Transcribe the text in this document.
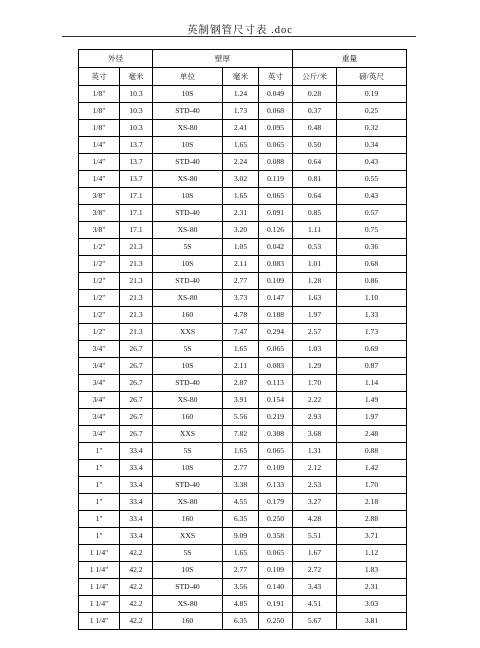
英制钢管尺寸表 .doc
外径		壁厚			重量	
英寸	毫米	单位	毫米	英寸	公斤/米	磅/英尺
1/8"	10.3	10S	1.24	0.049	0.28	0.19
1/8"	10.3	STD-40	1.73	0.068	0.37	0.25
1/8"	10.3	XS-80	2.41	0.095	0.48	0.32
1/4"	13.7	10S	1.65	0.065	0.50	0.34
1/4"	13.7	STD-40	2.24	0.088	0.64	0.43
1/4"	13.7	XS-80	3.02	0.119	0.81	0.55
3/8"	17.1	10S	1.65	0.065	0.64	0.43
3/8"	17.1	STD-40	2.31	0.091	0.85	0.57
3/8"	17.1	XS-80	3.20	0.126	1.11	0.75
1/2"	21.3	5S	1.05	0.042	0.53	0.36
1/2"	21.3	10S	2.11	0.083	1.01	0.68
1/2"	21.3	STD-40	2.77	0.109	1.28	0.86
1/2"	21.3	XS-80	3.73	0.147	1.63	1.10
1/2"	21.3	160	4.78	0.188	1.97	1.33
1/2"	21.3	XXS	7.47	0.294	2.57	1.73
3/4"	26.7	5S	1.65	0.065	1.03	0.69
3/4"	26.7	10S	2.11	0.083	1.29	0.87
3/4"	26.7	STD-40	2.87	0.113	1.70	1.14
3/4"	26.7	XS-80	3.91	0.154	2.22	1.49
3/4"	26.7	160	5.56	0.219	2.93	1.97
3/4"	26.7	XXS	7.82	0.308	3.68	2.48
1"	33.4	5S	1.65	0.065	1.31	0.88
1"	33.4	10S	2.77	0.109	2.12	1.42
1"	33.4	STD-40	3.38	0.133	2.53	1.70
1"	33.4	XS-80	4.55	0.179	3.27	2.18
1"	33.4	160	6.35	0.250	4.28	2.88
1"	33.4	XXS	9.09	0.358	5.51	3.71
1 1/4"	42.2	5S	1.65	0.065	1.67	1.12
1 1/4"	42.2	10S	2.77	0.109	2.72	1.83
1 1/4"	42.2	STD-40	3.56	0.140	3.43	2.31
1 1/4"	42.2	XS-80	4.85	0.191	4.51	3.03
1 1/4"	42.2	160	6.35	0.250	5.67	3.81
